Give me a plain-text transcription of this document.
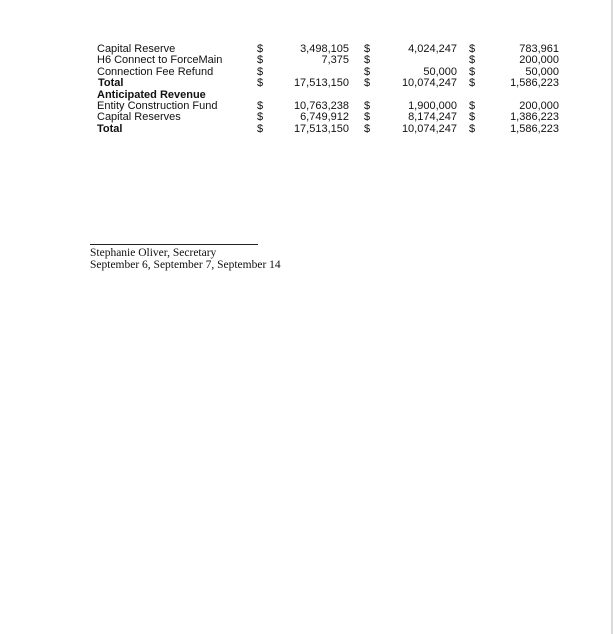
Capital Reserve	$	3,498,105 $	4,024,247 $	783,961
H6 Connect to ForceMain	$	7,375 $	$	200,000
Connection Fee Refund	$	$	50,000 $	50,000
Total	$	17,513,150 $	10,074,247 $	1,586,223
Anticipated Revenue
Entity Construction Fund	$	10,763,238 $	1,900,000 $	200,000
Capital Reserves	$	6,749,912 $	8,174,247 $	1,386,223
Total	$	17,513,150 $	10,074,247 $	1,586,223
Stephanie Oliver, Secretary
September 6, September 7, September 14
